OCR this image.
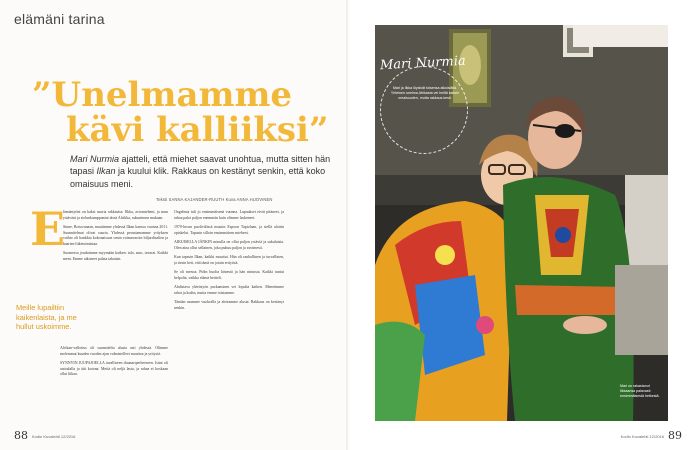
elämäni tarina
”Unelmamme
kävi kalliiksi”

Mari Nurmia ajatteli, että miehet saavat unohtua, mutta sitten hän tapasi Ilkan ja kuului klik. Rakkaus on kestänyt senkin, että koko omaisuus meni.

Teksti SANNA KAJANDER-RUUTH Kuva ANNA HUOVINEN
E

lämäntyöni on kaksi suurta rakkautta: Ilkka, aviomieheni, ja mun ystäväni ja sielunkumppanini tässä Afrikka, sukunimen mukaan.

Sinne, Botswanaan, muutimme yhdessä Ilkan kanssa vuonna 2011. Suunnitelmat olivat suuria. Yhdessä perustamamme yrityksen vaihto oli hankkia kokonaisuus omin voimavaroin biljardisalien ja baarien liiketoimintaa.

Suomessa jouduimme myymään kaiken: talo, auto, tavarat. Kaikki meni. Emme aikoneet palata takaisin.

Meille lupailtiin kaikenlaista, ja me hullut uskoimme.

Afrikan-valloitus oli suunniteltu alusta asti yhdessä. Olimme molemmat kuuden vuoden ajan valmistelleet muuttoa ja yritystä.

SYNNYIN JUUPAJOELLA tavalliseen duunariperheeseen. Isäni oli autoalalla ja äiti kotona. Meitä oli neljä lasta, ja rahaa ei koskaan ollut liikaa.

Ongelmia tuli jo ensimmäisenä vuonna. Lupaukset eivät pitäneet, ja rahaa paloi paljon enemmän kuin olimme laskeneet.

1970-luvun puolivälissä muutin Espoon Tapiolaan, ja siellä aloitin opiskelut. Tapasin silloin ensimmäisen mieheni.

AIKUISELLA IÄNKIN minulla on ollut paljon ystäviä ja sukulaisia. Olen aina ollut sellainen, joka puhuu paljon ja avoimesti.

Kun tapasin Ilkan, kaikki muuttui. Hän oli rauhallinen ja turvallinen, ja tiesin heti, että tämä on jotain erityistä.

Se oli menoa. Pidin huolta hänestä ja hän minusta. Kaikki tuntui helpolta, vaikka elämä heitteli.

Ahdistava yhteistyön purkaminen vei lopulta kaiken. Menetimme rahat ja kodin, mutta emme toisiamme.

Tänään asumme vuokralla ja aloitamme alusta. Rakkaus on kestänyt senkin.

Mari Nurmia
Mari ja Ilkka löysivät toisensa aikuisiällä. Yhteinen unelma Afrikasta vei heiltä kaiken omaisuuden, mutta rakkaus kesti.
Mari on rakastanut Ilkkaansa palavasti ensimmäisestä hetkestä.
88 Kodin Kuvalehti 12/2016	Kodin Kuvalehti 12/2016 89
